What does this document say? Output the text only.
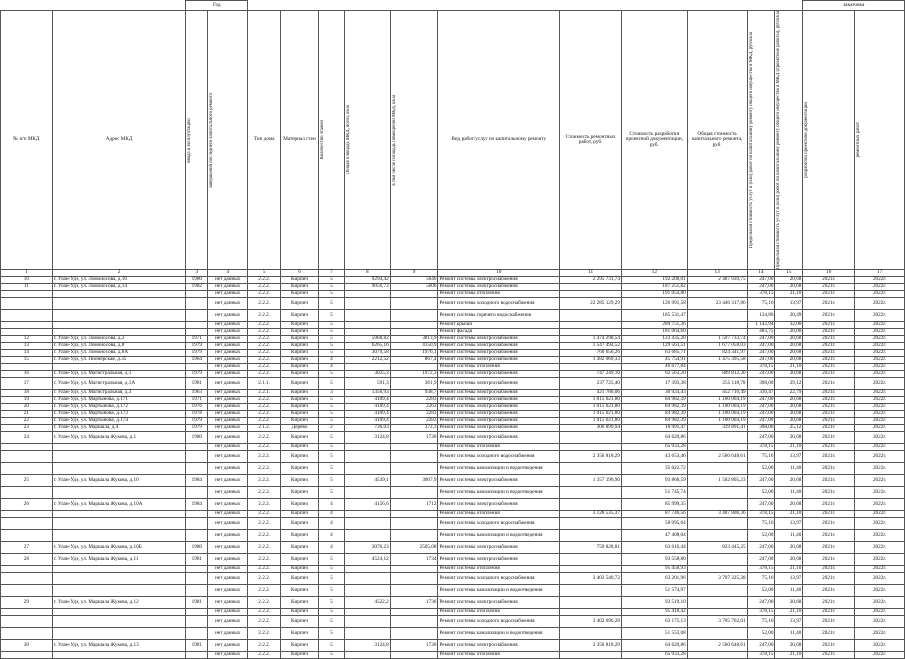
		Год													заказчика	
№ п/п МКД	Адрес МКД	ввода в эксплуатацию	завершения последнего капитального ремонта	Тип дома	Материал стен	Количество этажей	Общая площадь МКД, всего, кв.м	в том числе площадь помещений МКД, кв.м	Вид работ/услуг по капитальному ремонту	Стоимость ремонтных работ, руб.	Стоимость разработки проектной документации, руб.	Общая стоимость капитального ремонта, руб.	Предельная стоимость услуг и (или) работ по капитальному ремонту общего имущества в МКД, руб/кв.м	Предельная стоимость услуг и (или) работ по капитальному ремонту общего имущества в МКД (проектные работы), руб/кв.м	разработки проектной документации	ремонтных работ

1	2	3	4	5	6	7	8	9	10	11	12	13	14	15	16	17
10	г. Улан-Удэ, ул. Ломоносова, д.10	1980	нет данных	2.2.2.	Кирпич	5	9294,42	5646	Ремонт системы электроснабжения	2 295 731,74	192 208,01	2 487 939,75	247,00	20,68	2021г.	2022г.
11	г. Улан-Удэ, ул. Ломоносова, д.14	1982	нет данных	2.2.2.	Кирпич	5	9056,73	5606	Ремонт системы электроснабжения		187 251,82		247,00	20,68	2021г.	2022г.
			нет данных	2.2.2.	Кирпич	5			Ремонт системы отопления		191 054,80		378,15	21,10	2021г.	2022г.
			нет данных	2.2.2.	Кирпич	5			Ремонт системы холодного водоснабжения	22 285 129,29	126 991,58	23 446 317,86	75,16	13,97	2021г.	2022г.
			нет данных	2.2.2.	Кирпич	5			Ремонт системы горячего водоснабжения		185 531,47		134,86	20,49	2021г.	2022г.
			нет данных	2.2.2.	Кирпич	5			Ремонт крыши		289 751,36		1 142,94	32,00	2021г.	2022г.
			нет данных	2.2.2.	Кирпич	5			Ремонт фасада		181 064,60		483,75	20,00	2021г.	2022г.
12	г. Улан-Удэ, ул. Ломоносова, д.2	1971	нет данных	2.2.2.	Кирпич	5	5968,82	3813,9	Ремонт системы электроснабжения	1 474 298,54	123 435,20	1 597 733,74	247,00	20,68	2021г.	2022г.
13	г. Улан-Удэ, ул. Ломоносова, д.8	1979	нет данных	2.2.2.	Кирпич	5	6265,16	4150,9	Ремонт системы электроснабжения	1 547 494,52	129 563,51	1 677 058,03	247,00	20,68	2021г.	2022г.
14	г. Улан-Удэ, ул. Ломоносова, д.8А	1979	нет данных	2.2.2.	Кирпич	5	3079,58	1976,1	Ремонт системы электроснабжения	760 656,26	63 685,71	824 341,97	247,00	20,68	2021г.	2022г.
15	г. Улан-Удэ, ул. Пионерская, д.35	1964	нет данных	2.2.2.	Кирпич	4	2212,52	867,4	Ремонт системы электроснабжения	1 382 969,33	45 754,91	1 475 395,58	247,00	20,68	2021г.	2022г.
			нет данных	2.2.2.	Кирпич	4			Ремонт системы отопления		46 677,84		378,15	21,10	2021г.	2022г.
16	г. Улан-Удэ, ул. Магистральная, д.1	1979	нет данных	2.2.2.	Кирпич	5	3025,3	1972,3	Ремонт системы электроснабжения	747 249,10	62 563,20	809 812,30	247,00	20,68	2021г.	2022г.
17	г. Улан-Удэ, ул. Магистральная, д.1А	1981	нет данных	2.1.1.	Кирпич	5	591,3	361,9	Ремонт системы электроснабжения	237 725,40	17 393,38	255 118,78	398,00	29,12	2021г.	2022г.
18	г. Улан-Удэ, ул. Магистральная, д.3	1963	нет данных	2.2.1.	Кирпич	3	1356,93	938,7	Ремонт системы электроснабжения	421 786,06	30 924,43	452 710,49	310,47	22,79	2021г.	2022г.
19	г. Улан-Удэ, ул. Мартынова, д.171	1971	нет данных	2.2.2.	Кирпич	5	4109,4	2283	Ремонт системы электроснабжения	1 015 021,80	84 982,39	1 100 004,19	247,00	20,68	2021г.	2022г.
20	г. Улан-Удэ, ул. Мартынова, д.172	1976	нет данных	2.2.2.	Кирпич	5	4109,4	2263	Ремонт системы электроснабжения	1 015 021,80	84 982,39	1 100 004,19	247,00	20,68	2021г.	2022г.
21	г. Улан-Удэ, ул. Мартынова, д.173	1978	нет данных	2.2.2.	Кирпич	5	4109,4	2283	Ремонт системы электроснабжения	1 015 021,80	84 982,39	1 100 004,19	247,00	20,68	2021г.	2022г.
22	г. Улан-Удэ, ул. Мартынова, д.174	1979	нет данных	2.2.2.	Кирпич	5	4109,4	2283	Ремонт системы электроснабжения	1 015 021,80	84 982,39	1 100 004,19	247,00	20,68	2021г.	2022г.
23	г. Улан-Удэ, ул. Маршала, д.4	1979	нет данных	2.1.2.	Дерево	2	736,03	372,3	Ремонт системы электроснабжения	300 899,94	18 991,47	319 891,41	398,00	25,12	2021г.	2022г.
24	г. Улан-Удэ, ул. Маршала Жукова, д.1	1980	нет данных	2.2.2.	Кирпич	5	3124,8	1736	Ремонт системы электроснабжения		64 620,86		247,00	20,68	2021г.	2022г.
			нет данных	2.2.2.	Кирпич	5			Ремонт системы отопления		65 933,28		378,15	21,10	2021г.	2022г.
			нет данных	2.2.2.	Кирпич	5			Ремонт системы холодного водоснабжения	2 350 818,29	43 653,46	2 560 648,61	75,16	13,97	2021г.	2022г.
			нет данных	2.2.2.	Кирпич	5			Ремонт системы канализации и водоотведения		35 622,72		52,00	11,40	2021г.	2022г.
25	г. Улан-Удэ, ул. Маршала Жукова, д.10	1984	нет данных	2.2.2.	Кирпич	5	4539,1	3007,9	Ремонт системы электроснабжения	1 357 190,90	93 868,59	1 502 805,23	247,00	20,68	2021г.	2022г.
			нет данных	2.2.2.	Кирпич	5			Ремонт системы канализации и водоотведения		51 745,74		52,00	11,40	2021г.	2022г.
26	г. Улан-Удэ, ул. Маршала Жукова, д.10А	1984	нет данных	2.2.2.	Кирпич	4	4156,6	1712	Ремонт системы электроснабжения		85 999,35		247,00	20,68	2021г.	2022г.
			нет данных	2.2.2.	Кирпич	4			Ремонт системы отопления	3 128 535,37	87 746,56	3 407 806,36	378,15	21,10	2021г.	2022г.
			нет данных	2.2.2.	Кирпич	4			Ремонт системы холодного водоснабжения		58 095,64		75,16	13,97	2021г.	2022г.
			нет данных	2.2.2.	Кирпич	4			Ремонт системы канализации и водоотведения		47 408,04		52,00	11,40	2021г.	2022г.
27	г. Улан-Удэ, ул. Маршала Жукова, д.10Б	1980	нет данных	2.2.2.	Кирпич	4	3076,23	2505,08	Ремонт системы электроснабжения	759 828,81	63 616,44	823 445,25	247,00	20,68	2021г.	2022г.
28	г. Улан-Удэ, ул. Маршала Жукова, д.11	1981	нет данных	2.2.2.	Кирпич	5	4524,12	1734	Ремонт системы электроснабжения		93 558,80		247,00	20,68	2021г.	2022г.
			нет данных	2.2.2.	Кирпич	5			Ремонт системы отопления		95 458,93		378,15	21,10	2021г.	2022г.
			нет данных	2.2.2.	Кирпич	5			Ремонт системы холодного водоснабжения	3 403 540,72	63 201,96	3 707 325,38	75,16	13,97	2021г.	2022г.
			нет данных	2.2.2.	Кирпич	5			Ремонт системы канализации и водоотведения		51 574,97		52,00	11,40	2021г.	2022г.
29	г. Улан-Удэ, ул. Маршала Жукова, д.12	1981	нет данных	2.2.2.	Кирпич	5	4522,2	1736	Ремонт системы электроснабжения		93 519,10		247,00	20,68	2021г.	2022г.
			нет данных	2.2.2.	Кирпич	5			Ремонт системы отопления		95 418,42		378,15	21,10	2021г.	2022г.
			нет данных	2.2.2.	Кирпич	5			Ремонт системы холодного водоснабжения	3 402 096,28	63 175,13	3 705 762,01	75,16	13,97	2021г.	2022г.
			нет данных	2.2.2.	Кирпич	5			Ремонт системы канализации и водоотведения		51 553,08		52,00	11,40	2021г.	2022г.
30	г. Улан-Удэ, ул. Маршала Жукова, д.13	1981	нет данных	2.2.2.	Кирпич	5	3124,8	1736	Ремонт системы электроснабжения	2 350 818,29	64 620,86	2 560 648,61	247,00	20,68	2021г.	2022г.
			нет данных	2.2.2.	Кирпич	5			Ремонт системы отопления		65 933,28		378,15	21,10	2021г.	2022г.
